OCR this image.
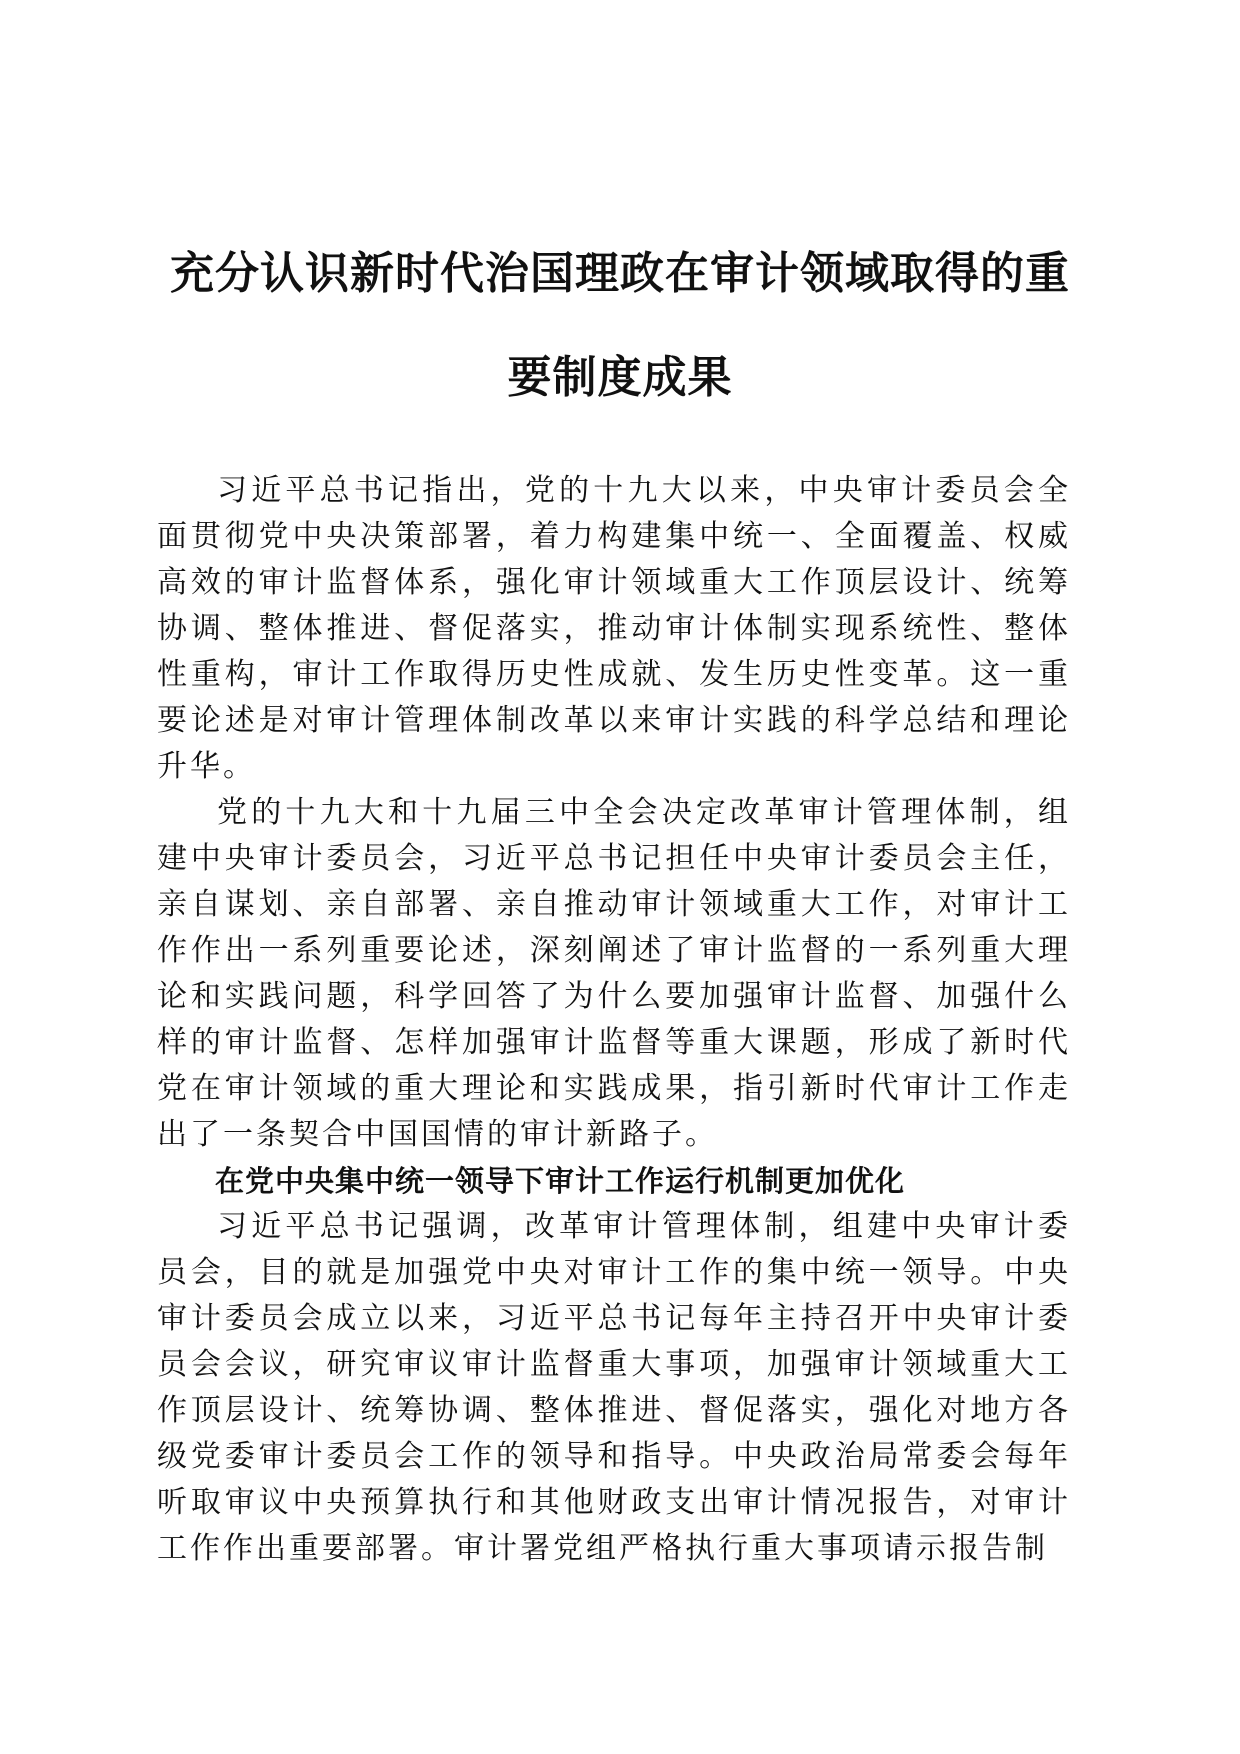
充分认识新时代治国理政在审计领域取得的重要制度成果

习近平总书记指出，党的十九大以来，中央审计委员会全面贯彻党中央决策部署，着力构建集中统一、全面覆盖、权威高效的审计监督体系，强化审计领域重大工作顶层设计、统筹协调、整体推进、督促落实，推动审计体制实现系统性、整体性重构，审计工作取得历史性成就、发生历史性变革。这一重要论述是对审计管理体制改革以来审计实践的科学总结和理论升华。

党的十九大和十九届三中全会决定改革审计管理体制，组建中央审计委员会，习近平总书记担任中央审计委员会主任，亲自谋划、亲自部署、亲自推动审计领域重大工作，对审计工作作出一系列重要论述，深刻阐述了审计监督的一系列重大理论和实践问题，科学回答了为什么要加强审计监督、加强什么样的审计监督、怎样加强审计监督等重大课题，形成了新时代党在审计领域的重大理论和实践成果，指引新时代审计工作走出了一条契合中国国情的审计新路子。

在党中央集中统一领导下审计工作运行机制更加优化

习近平总书记强调，改革审计管理体制，组建中央审计委员会，目的就是加强党中央对审计工作的集中统一领导。中央审计委员会成立以来，习近平总书记每年主持召开中央审计委员会会议，研究审议审计监督重大事项，加强审计领域重大工作顶层设计、统筹协调、整体推进、督促落实，强化对地方各级党委审计委员会工作的领导和指导。中央政治局常委会每年听取审议中央预算执行和其他财政支出审计情况报告，对审计工作作出重要部署。审计署党组严格执行重大事项请示报告制
